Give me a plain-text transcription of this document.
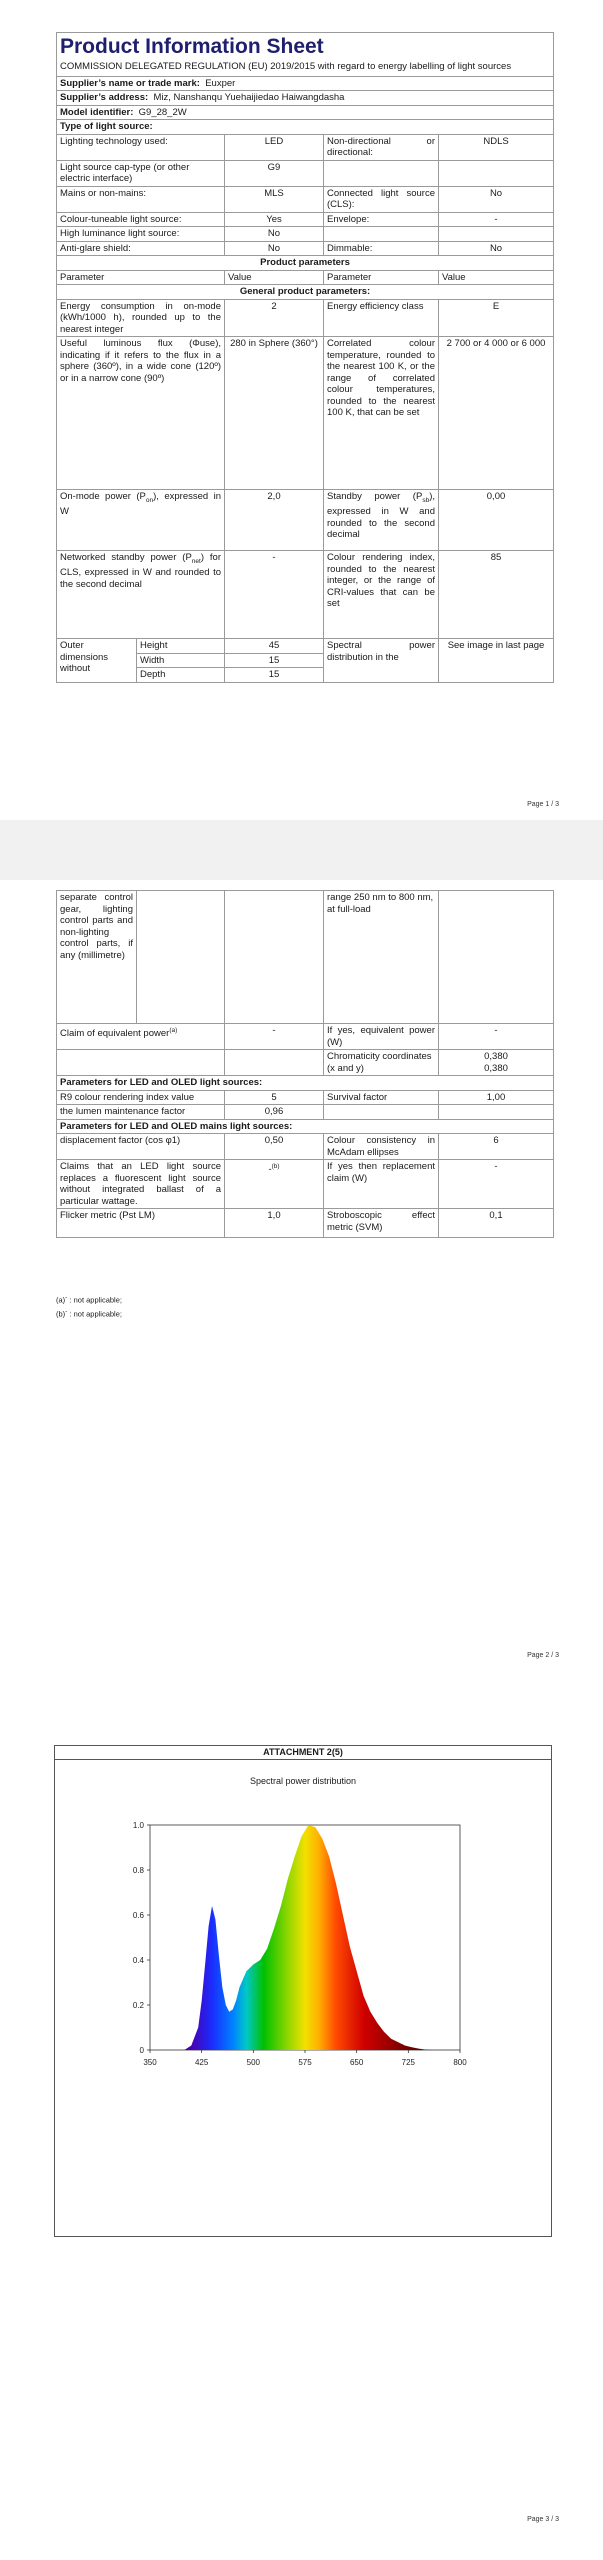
Product Information Sheet
COMMISSION DELEGATED REGULATION (EU) 2019/2015 with regard to energy labelling of light sources				

Supplier’s name or trade mark: Euxper				
Supplier’s address: Miz, Nanshanqu Yuehaijiedao Haiwangdasha				
Model identifier: G9_28_2W				
Type of light source:				
Lighting technology used:		LED	Non-directional or directional:	NDLS
Light source cap-type (or other electric interface)		G9		
Mains or non-mains:		MLS	Connected light source (CLS):	No
Colour-tuneable light source:		Yes	Envelope:	-
High luminance light source:		No		
Anti-glare shield:		No	Dimmable:	No
Product parameters				
Parameter		Value	Parameter	Value
General product parameters:				
Energy consumption in on-mode (kWh/1000 h), rounded up to the nearest integer		2	Energy efficiency class	E
Useful luminous flux (Φuse), indicating if it refers to the flux in a sphere (360º), in a wide cone (120º) or in a narrow cone (90º)		280 in Sphere (360°)	Correlated colour temperature, rounded to the nearest 100 K, or the range of correlated colour temperatures, rounded to the nearest 100 K, that can be set	2 700 or 4 000 or 6 000
On-mode power $(P_{on})$, expressed in W		2,0	Standby power $(P_{sb})$, expressed in W and rounded to the second decimal	0,00
Networked standby power $(P_{net})$ for CLS, expressed in W and rounded to the second decimal		-	Colour rendering index, rounded to the nearest integer, or the range of CRI-values that can be set	85
Outer dimensions without	Height	45	Spectral power distribution in the	See image in last page
	Width	15		
	Depth	15		
Page 1 / 3
separate control gear, lighting control parts and non-lighting control parts, if any (millimetre)			range 250 nm to 800 nm, at full-load	
Claim of equivalent power$^{(a)}$		-	If yes, equivalent power (W)	-
			Chromaticity coordinates (x and y)	0,380
0,380

Parameters for LED and OLED light sources:				
R9 colour rendering index value		5	Survival factor	1,00
the lumen maintenance factor		0,96		
Parameters for LED and OLED mains light sources:				
displacement factor (cos φ1)		0,50	Colour consistency in McAdam ellipses	6
Claims that an LED light source replaces a fluorescent light source without integrated ballast of a particular wattage.		-$^{(b)}$	If yes then replacement claim (W)	-
Flicker metric (Pst LM)		1,0	Stroboscopic effect metric (SVM)	0,1
(a)- : not applicable;
(b)- : not applicable;
Page 2 / 3
Page 3 / 3
ATTACHMENT 2(5)
Spectral power distribution
350	425	500	575	650	725	800
0
0.2
0.4
0.6
0.8
1.0
